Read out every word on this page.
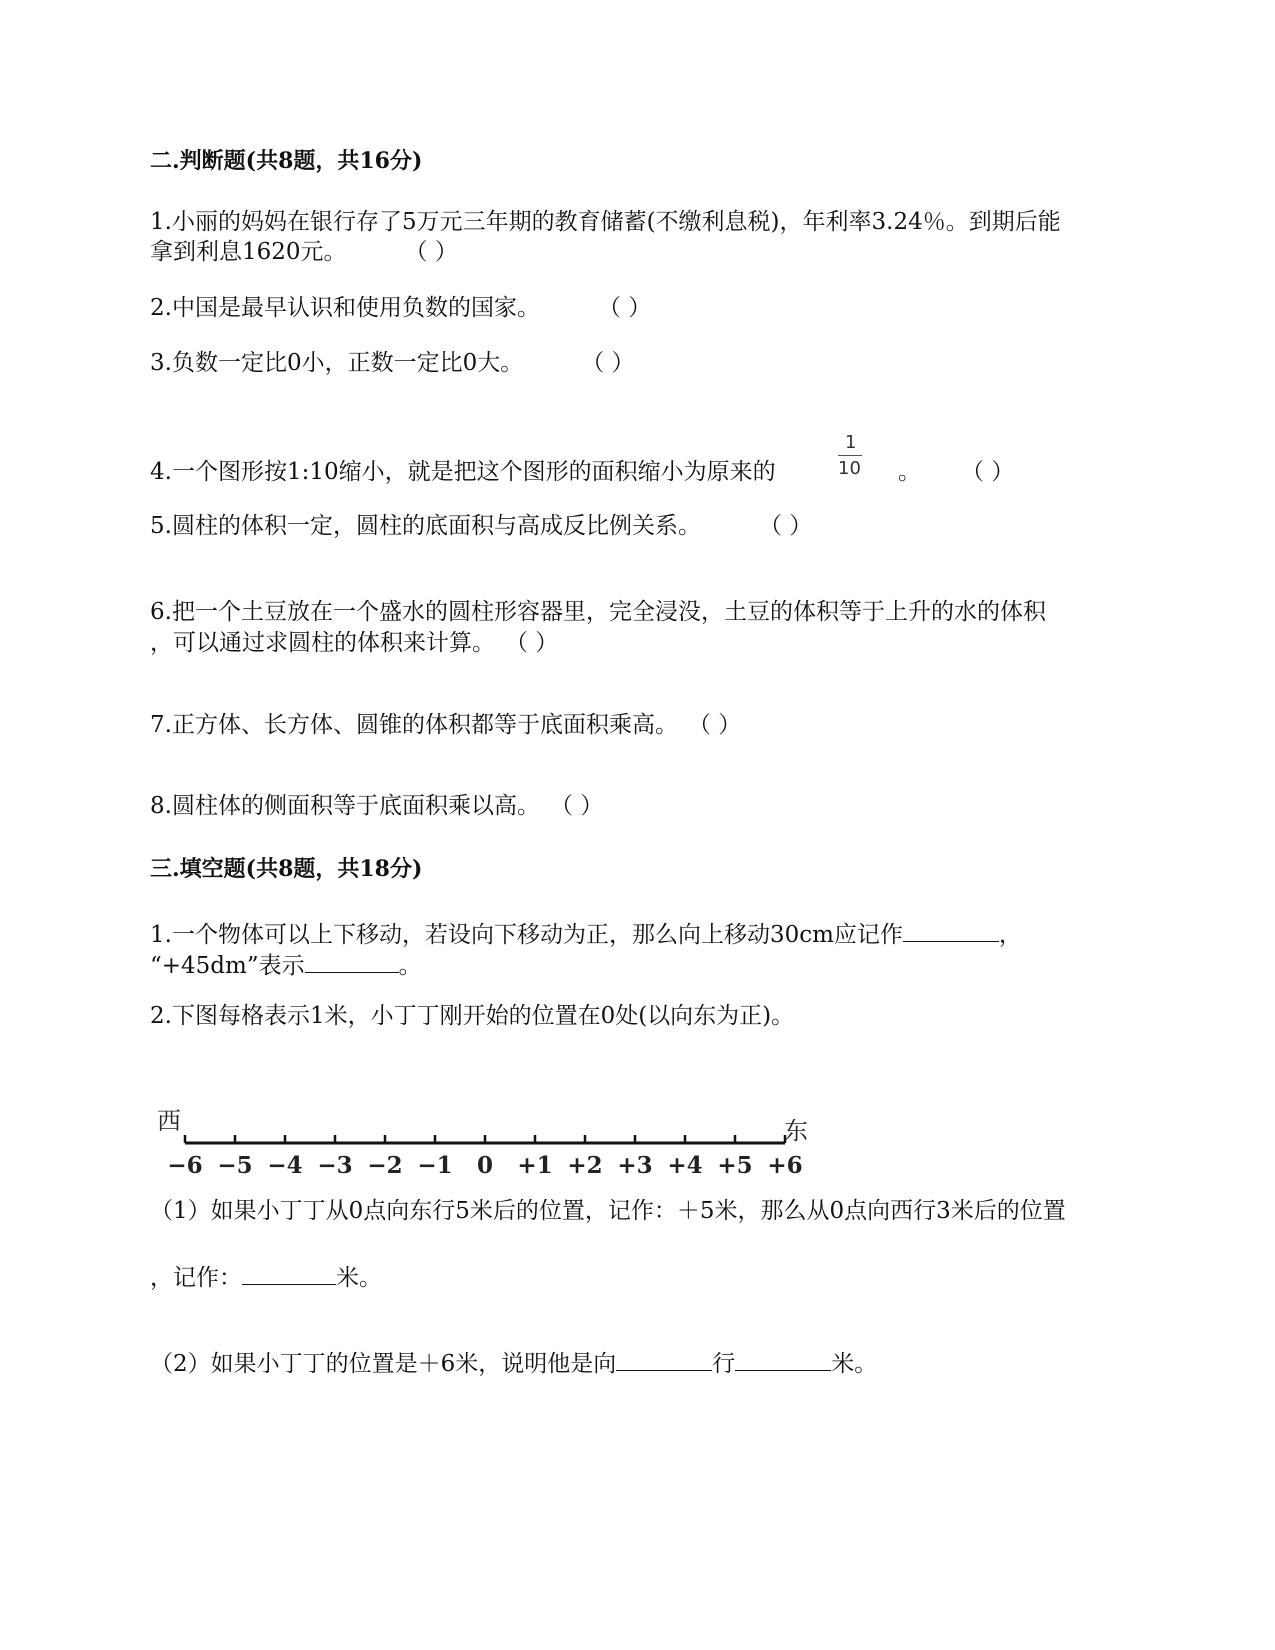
二.判断题(共8题，共16分)
1.小丽的妈妈在银行存了5万元三年期的教育储蓄(不缴利息税)，年利率3.24％。到期后能
拿到利息1620元。	（ ）
2.中国是最早认识和使用负数的国家。	（ ）
3.负数一定比0小，正数一定比0大。	（ ）
4.一个图形按1:10缩小，就是把这个图形的面积缩小为原来的
1
10 。 （ ）
5.圆柱的体积一定，圆柱的底面积与高成反比例关系。	（ ）
6.把一个土豆放在一个盛水的圆柱形容器里，完全浸没，土豆的体积等于上升的水的体积
，可以通过求圆柱的体积来计算。 （ ）
7.正方体、长方体、圆锥的体积都等于底面积乘高。 （ ）
8.圆柱体的侧面积等于底面积乘以高。 （ ）
三.填空题(共8题，共18分)
1.一个物体可以上下移动，若设向下移动为正，那么向上移动30cm应记作	，
“+45dm”表示	。
2.下图每格表示1米，小丁丁刚开始的位置在0处(以向东为正)。
西	东
−6 −5 −4 −3 −2 −1 0 +1 +2 +3 +4 +5 +6
（1）如果小丁丁从0点向东行5米后的位置，记作：＋5米，那么从0点向西行3米后的位置
，记作：	米。
（2）如果小丁丁的位置是＋6米，说明他是向	行	米。
